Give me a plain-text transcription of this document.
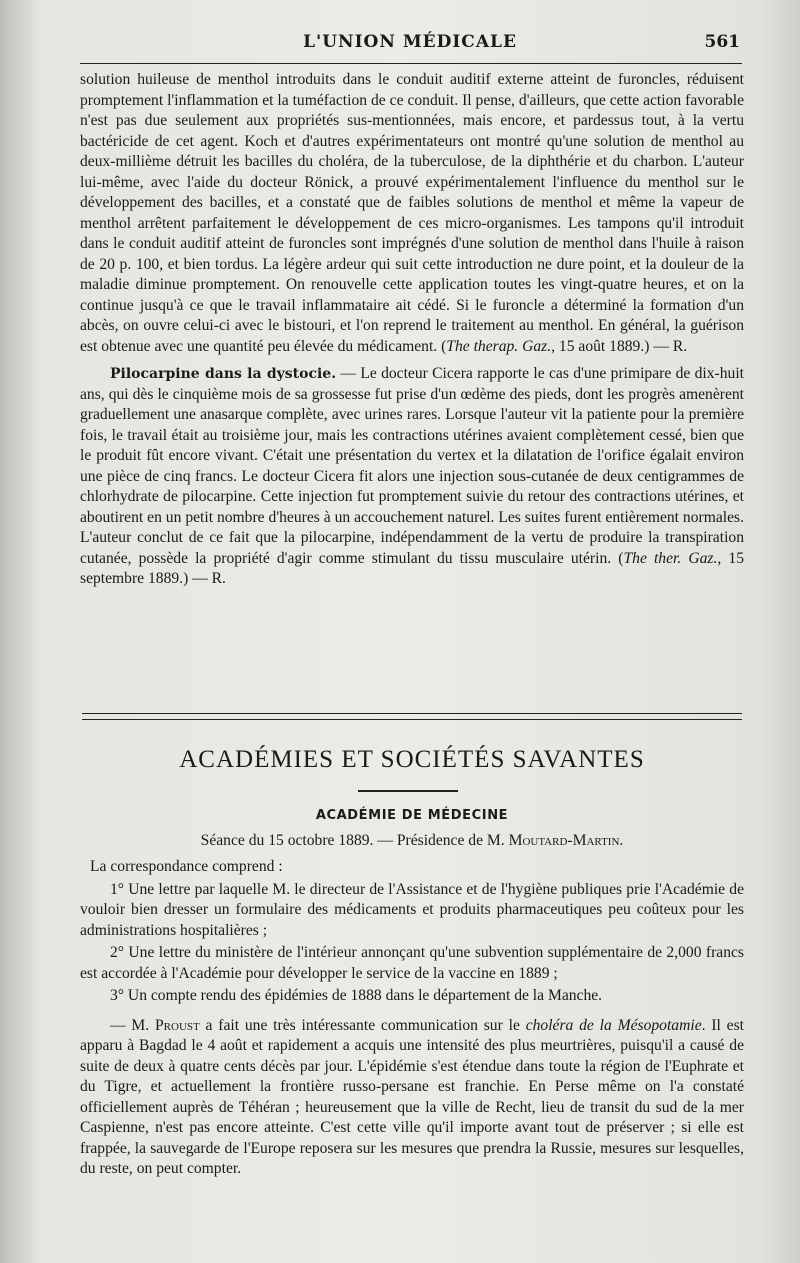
L'UNION MÉDICALE	561

solution huileuse de menthol introduits dans le conduit auditif externe atteint de furoncles, réduisent promptement l'inflammation et la tuméfaction de ce conduit. Il pense, d'ailleurs, que cette action favorable n'est pas due seulement aux propriétés sus-mentionnées, mais encore, et pardessus tout, à la vertu bactéricide de cet agent. Koch et d'autres expérimentateurs ont montré qu'une solution de menthol au deux-millième détruit les bacilles du choléra, de la tuberculose, de la diphthérie et du charbon. L'auteur lui-même, avec l'aide du docteur Rönick, a prouvé expérimentalement l'influence du menthol sur le développement des bacilles, et a constaté que de faibles solutions de menthol et même la vapeur de menthol arrêtent parfaitement le développement de ces micro-organismes. Les tampons qu'il introduit dans le conduit auditif atteint de furoncles sont imprégnés d'une solution de menthol dans l'huile à raison de 20 p. 100, et bien tordus. La légère ardeur qui suit cette introduction ne dure point, et la douleur de la maladie diminue promptement. On renouvelle cette application toutes les vingt-quatre heures, et on la continue jusqu'à ce que le travail inflammataire ait cédé. Si le furoncle a déterminé la formation d'un abcès, on ouvre celui-ci avec le bistouri, et l'on reprend le traitement au menthol. En général, la guérison est obtenue avec une quantité peu élevée du médicament. (The therap. Gaz., 15 août 1889.) — R.

Pilocarpine dans la dystocie. — Le docteur Cicera rapporte le cas d'une primipare de dix-huit ans, qui dès le cinquième mois de sa grossesse fut prise d'un œdème des pieds, dont les progrès amenèrent graduellement une anasarque complète, avec urines rares. Lorsque l'auteur vit la patiente pour la première fois, le travail était au troisième jour, mais les contractions utérines avaient complètement cessé, bien que le produit fût encore vivant. C'était une présentation du vertex et la dilatation de l'orifice égalait environ une pièce de cinq francs. Le docteur Cicera fit alors une injection sous-cutanée de deux centigrammes de chlorhydrate de pilocarpine. Cette injection fut promptement suivie du retour des contractions utérines, et aboutirent en un petit nombre d'heures à un accouchement naturel. Les suites furent entièrement normales. L'auteur conclut de ce fait que la pilocarpine, indépendamment de la vertu de produire la transpiration cutanée, possède la propriété d'agir comme stimulant du tissu musculaire utérin. (The ther. Gaz., 15 septembre 1889.) — R.

ACADÉMIES ET SOCIÉTÉS SAVANTES
ACADÉMIE DE MÉDECINE
Séance du 15 octobre 1889. — Présidence de M. Moutard-Martin.

La correspondance comprend :

1° Une lettre par laquelle M. le directeur de l'Assistance et de l'hygiène publiques prie l'Académie de vouloir bien dresser un formulaire des médicaments et produits pharmaceutiques peu coûteux pour les administrations hospitalières ;

2° Une lettre du ministère de l'intérieur annonçant qu'une subvention supplémentaire de 2,000 francs est accordée à l'Académie pour développer le service de la vaccine en 1889 ;

3° Un compte rendu des épidémies de 1888 dans le département de la Manche.

— M. Proust a fait une très intéressante communication sur le choléra de la Mésopotamie. Il est apparu à Bagdad le 4 août et rapidement a acquis une intensité des plus meurtrières, puisqu'il a causé de suite de deux à quatre cents décès par jour. L'épidémie s'est étendue dans toute la région de l'Euphrate et du Tigre, et actuellement la frontière russo-persane est franchie. En Perse même on l'a constaté officiellement auprès de Téhéran ; heureusement que la ville de Recht, lieu de transit du sud de la mer Caspienne, n'est pas encore atteinte. C'est cette ville qu'il importe avant tout de préserver ; si elle est frappée, la sauvegarde de l'Europe reposera sur les mesures que prendra la Russie, mesures sur lesquelles, du reste, on peut compter.
